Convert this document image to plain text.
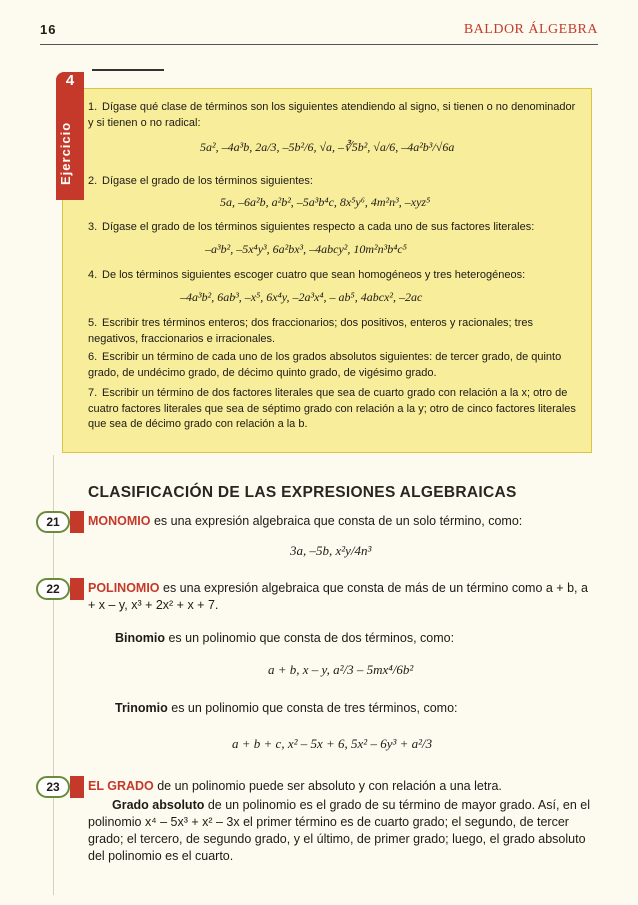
16	BALDOR ÁLGEBRA
4
Ejercicio
1. Dígase qué clase de términos son los siguientes atendiendo al signo, si tienen o no denominador y si tienen o no radical:
5a², –4a³b, 2a/3, –5b²/6, √a, –∛5b², √a/6, –4a²b³/√6a
2. Dígase el grado de los términos siguientes:
5a, –6a²b, a²b², –5a³b⁴c, 8x⁵y⁶, 4m²n³, –xyz⁵
3. Dígase el grado de los términos siguientes respecto a cada uno de sus factores literales:
–a³b², –5x⁴y³, 6a²bx³, –4abcy², 10m²n³b⁴c⁵
4. De los términos siguientes escoger cuatro que sean homogéneos y tres heterogéneos:
–4a³b², 6ab³, –x⁵, 6x⁴y, –2a³x⁴, – ab⁵, 4abcx², –2ac
5. Escribir tres términos enteros; dos fraccionarios; dos positivos, enteros y racionales; tres negativos, fraccionarios e irracionales.
6. Escribir un término de cada uno de los grados absolutos siguientes: de tercer grado, de quinto grado, de undécimo grado, de décimo quinto grado, de vigésimo grado.
7. Escribir un término de dos factores literales que sea de cuarto grado con relación a la x; otro de cuatro factores literales que sea de séptimo grado con relación a la y; otro de cinco factores literales que sea de décimo grado con relación a la b.
CLASIFICACIÓN DE LAS EXPRESIONES ALGEBRAICAS
21	MONOMIO es una expresión algebraica que consta de un solo término, como:
3a, –5b, x²y/4n³
22	POLINOMIO es una expresión algebraica que consta de más de un término como a + b, a + x – y, x³ + 2x² + x + 7.
Binomio es un polinomio que consta de dos términos, como:
a + b, x – y, a²/3 – 5mx⁴/6b²
Trinomio es un polinomio que consta de tres términos, como:
a + b + c, x² – 5x + 6, 5x² – 6y³ + a²/3
23	EL GRADO de un polinomio puede ser absoluto y con relación a una letra.
Grado absoluto de un polinomio es el grado de su término de mayor grado. Así, en el polinomio x⁴ – 5x³ + x² – 3x el primer término es de cuarto grado; el segundo, de tercer grado; el tercero, de segundo grado, y el último, de primer grado; luego, el grado absoluto del polinomio es el cuarto.
